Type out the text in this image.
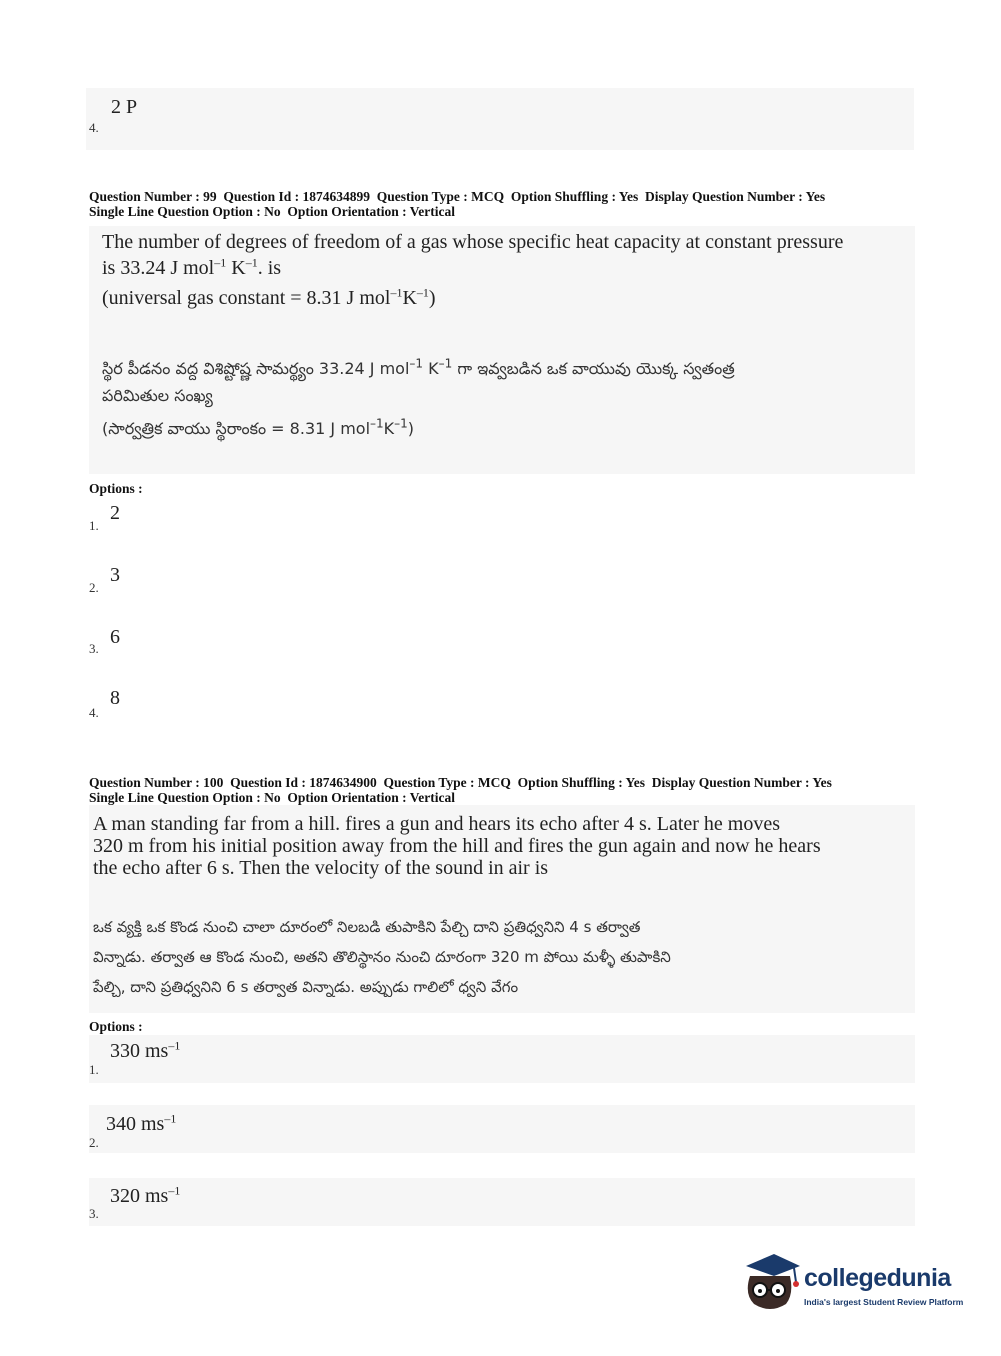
4.
2 P
Question Number : 99  Question Id : 1874634899  Question Type : MCQ  Option Shuffling : Yes  Display Question Number : Yes
Single Line Question Option : No  Option Orientation : Vertical
The number of degrees of freedom of a gas whose specific heat capacity at constant pressure
is 33.24 J mol$^{-1}$ $K^{-1}$. is
(universal gas constant = 8.31 J $mol^{-1}K^{-1}$)
స్థిర పీడనం వద్ద విశిష్టోష్ణ సామర్థ్యం 33.24 J mol$^{-1}$ $K^{-1}$ గా ఇవ్వబడిన ఒక వాయువు యొక్క స్వతంత్ర
పరిమితుల సంఖ్య
(సార్వత్రిక వాయు స్థిరాంకం = 8.31 J $mol^{-1}K^{-1}$)
Options :
1.
2
2.
3
3.
6
4.
8
Question Number : 100  Question Id : 1874634900  Question Type : MCQ  Option Shuffling : Yes  Display Question Number : Yes
Single Line Question Option : No  Option Orientation : Vertical
A man standing far from a hill. fires a gun and hears its echo after 4 s. Later he moves
320 m from his initial position away from the hill and fires the gun again and now he hears
the echo after 6 s. Then the velocity of the sound in air is
ఒక వ్యక్తి ఒక కొండ నుంచి చాలా దూరంలో నిలబడి తుపాకిని పేల్చి దాని ప్రతిధ్వనిని 4 s తర్వాత
విన్నాడు. తర్వాత ఆ కొండ నుంచి, అతని తొలిస్థానం నుంచి దూరంగా 320 m పోయి మళ్ళీ తుపాకిని
పేల్చి, దాని ప్రతిధ్వనిని 6 s తర్వాత విన్నాడు. అప్పుడు గాలిలో ధ్వని వేగం
Options :
1.
330 $ms^{-1}$
2.
340 $ms^{-1}$
3.
320 $ms^{-1}$
collegedunia
India's largest Student Review Platform
